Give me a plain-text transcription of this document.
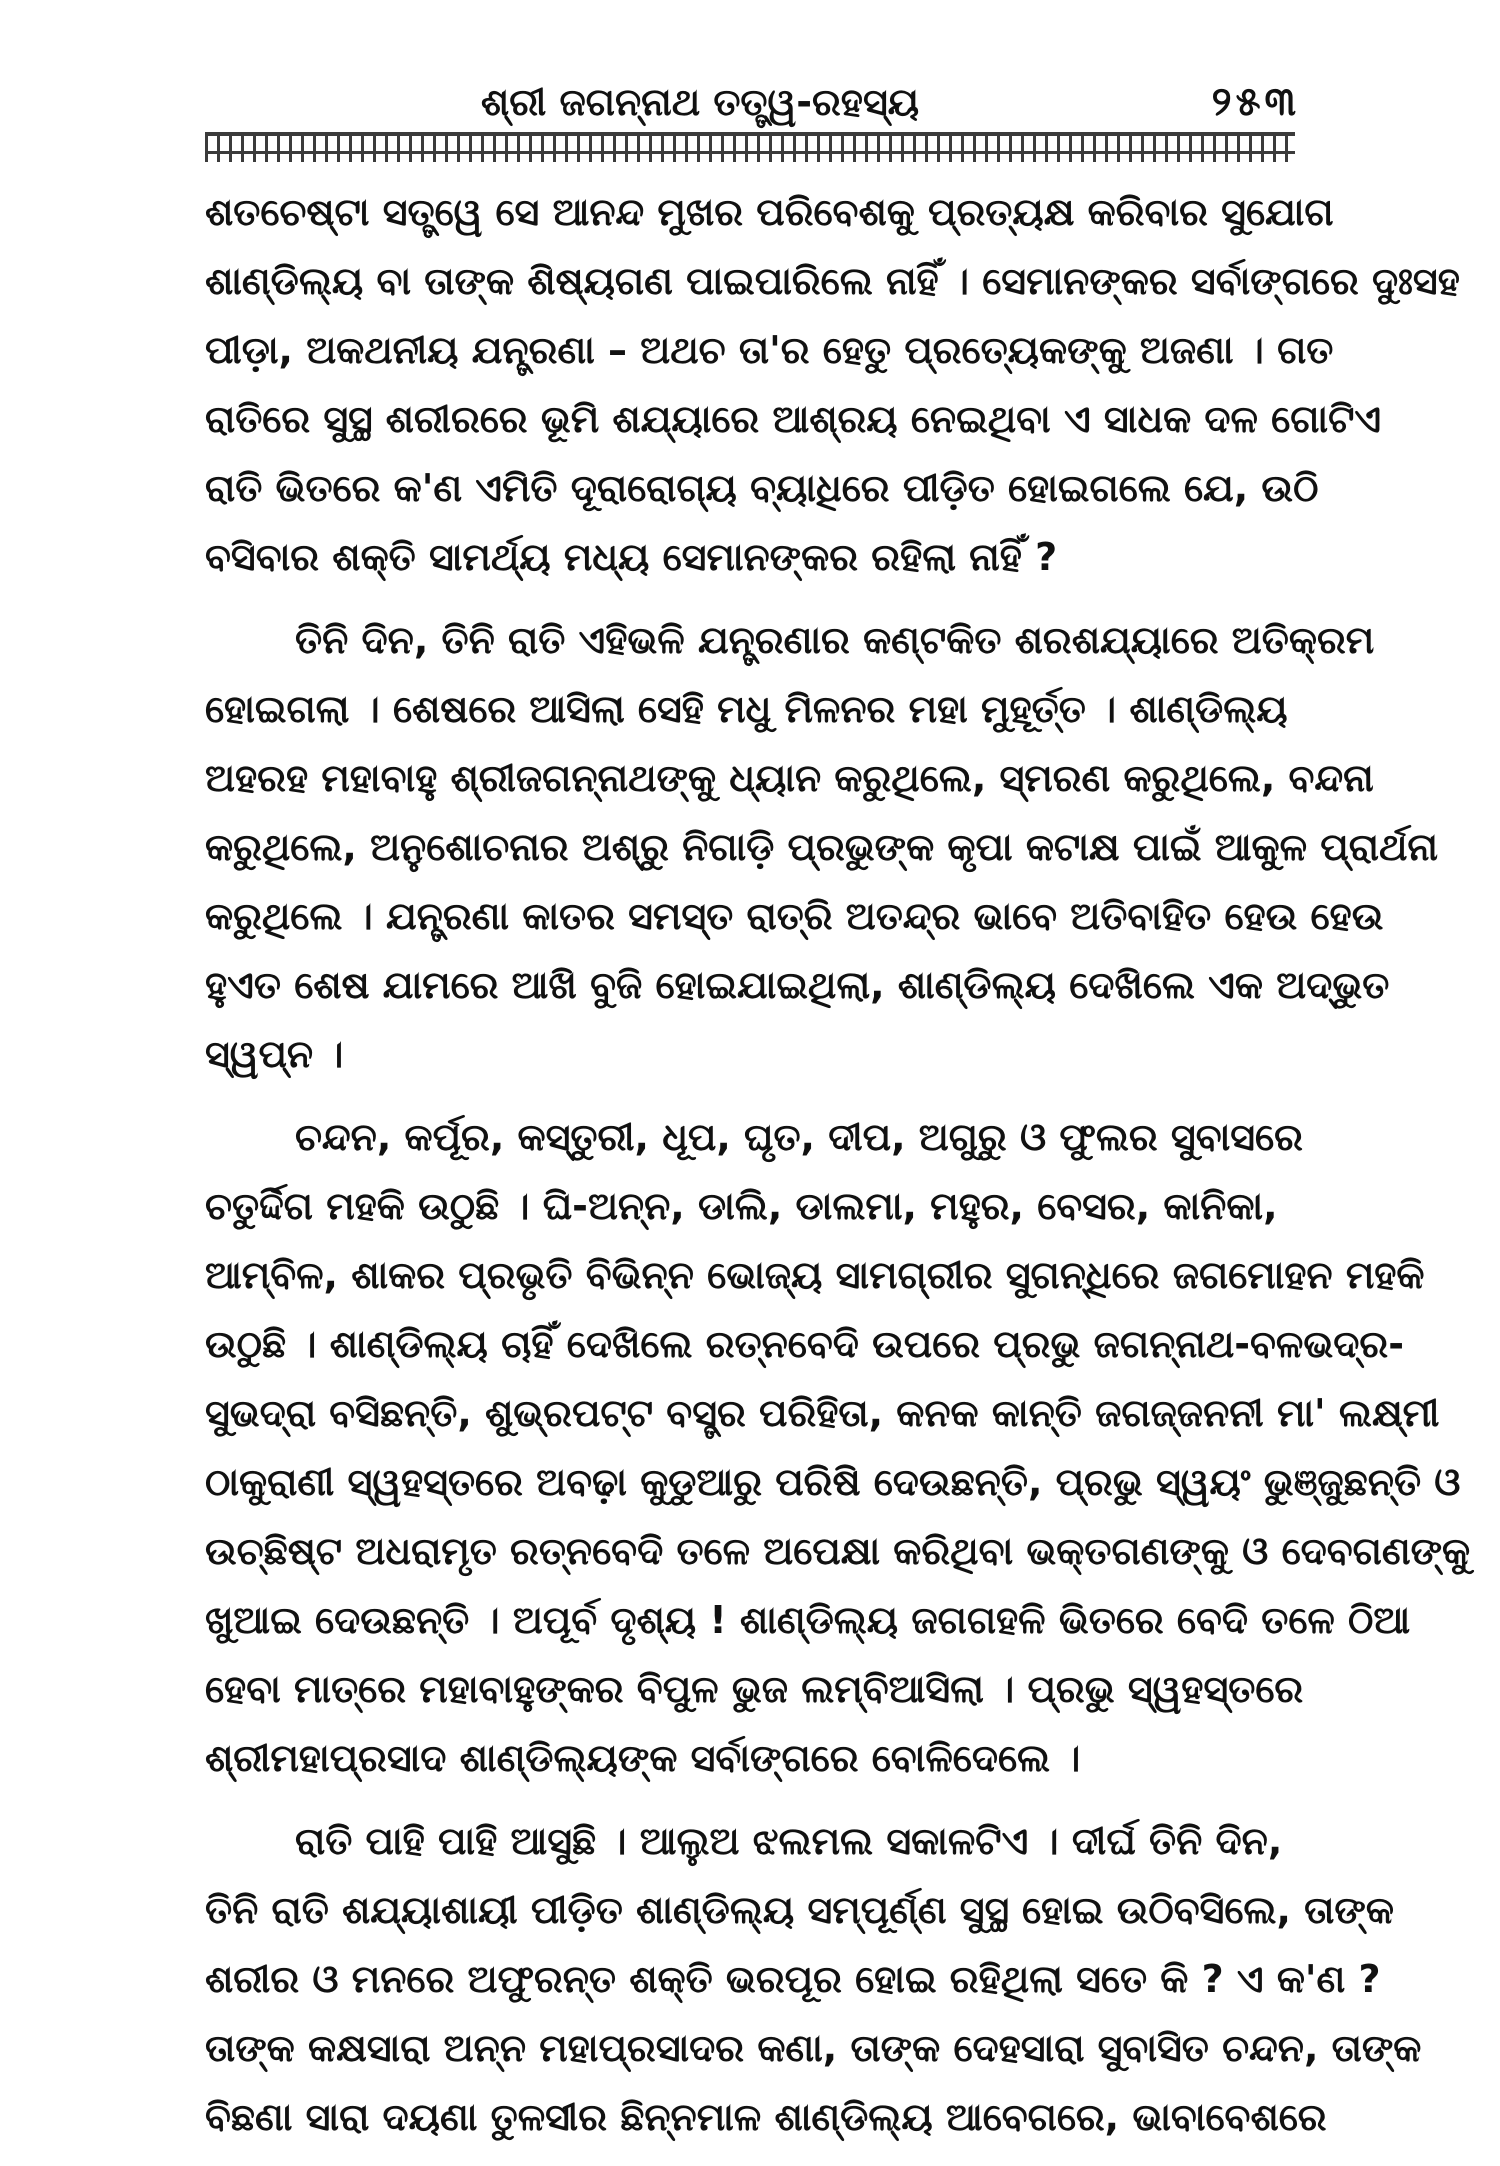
ଶ୍ରୀ ଜଗନ୍ନାଥ ତତ୍ତ୍ୱ-ରହସ୍ୟ	୨୫୩

ଶତଚେଷ୍ଟା ସତ୍ତ୍ୱେ ସେ ଆନନ୍ଦ ମୁଖର ପରିବେଶକୁ ପ୍ରତ୍ୟକ୍ଷ କରିବାର ସୁଯୋଗ
ଶାଣ୍ଡିଲ୍ୟ ବା ତାଙ୍କ ଶିଷ୍ୟଗଣ ପାଇପାରିଲେ ନାହିଁ । ସେମାନଙ୍କର ସର୍ବାଙ୍ଗରେ ଦୁଃସହ
ପୀଡ଼ା, ଅକଥନୀୟ ଯନ୍ତ୍ରଣା – ଅଥଚ ତା'ର ହେତୁ ପ୍ରତ୍ୟେକଙ୍କୁ ଅଜଣା । ଗତ
ରାତିରେ ସୁସ୍ଥ ଶରୀରରେ ଭୂମି ଶଯ୍ୟାରେ ଆଶ୍ରୟ ନେଇଥିବା ଏ ସାଧକ ଦଳ ଗୋଟିଏ
ରାତି ଭିତରେ କ'ଣ ଏମିତି ଦୂରାରୋଗ୍ୟ ବ୍ୟାଧିରେ ପୀଡ଼ିତ ହୋଇଗଲେ ଯେ, ଉଠି
ବସିବାର ଶକ୍ତି ସାମର୍ଥ୍ୟ ମଧ୍ୟ ସେମାନଙ୍କର ରହିଲା ନାହିଁ ?

ତିନି ଦିନ, ତିନି ରାତି ଏହିଭଳି ଯନ୍ତ୍ରଣାର କଣ୍ଟକିତ ଶରଶଯ୍ୟାରେ ଅତିକ୍ରମ
ହୋଇଗଲା । ଶେଷରେ ଆସିଲା ସେହି ମଧୁ ମିଳନର ମହା ମୁହୂର୍ତ୍ତ । ଶାଣ୍ଡିଲ୍ୟ
ଅହରହ ମହାବାହୁ ଶ୍ରୀଜଗନ୍ନାଥଙ୍କୁ ଧ୍ୟାନ କରୁଥିଲେ, ସ୍ମରଣ କରୁଥିଲେ, ବନ୍ଦନା
କରୁଥିଲେ, ଅନୁଶୋଚନାର ଅଶ୍ରୁ ନିଗାଡ଼ି ପ୍ରଭୁଙ୍କ କୃପା କଟାକ୍ଷ ପାଇଁ ଆକୁଳ ପ୍ରାର୍ଥନା
କରୁଥିଲେ । ଯନ୍ତ୍ରଣା କାତର ସମସ୍ତ ରାତ୍ରି ଅତନ୍ଦ୍ର ଭାବେ ଅତିବାହିତ ହେଉ ହେଉ
ହୁଏତ ଶେଷ ଯାମରେ ଆଖି ବୁଜି ହୋଇଯାଇଥିଲା, ଶାଣ୍ଡିଲ୍ୟ ଦେଖିଲେ ଏକ ଅଦ୍ଭୁତ
ସ୍ୱପ୍ନ ।

ଚନ୍ଦନ, କର୍ପୂର, କସ୍ତୁରୀ, ଧୂପ, ଘୃତ, ଦୀପ, ଅଗୁରୁ ଓ ଫୁଲର ସୁବାସରେ
ଚତୁର୍ଦ୍ଦିଗ ମହକି ଉଠୁଛି । ଘି-ଅନ୍ନ, ଡାଲି, ଡାଲମା, ମହୁର, ବେସର, କାନିକା,
ଆମ୍ବିଳ, ଶାକର ପ୍ରଭୃତି ବିଭିନ୍ନ ଭୋଜ୍ୟ ସାମଗ୍ରୀର ସୁଗନ୍ଧିରେ ଜଗମୋହନ ମହକି
ଉଠୁଛି । ଶାଣ୍ଡିଲ୍ୟ ଚାହିଁ ଦେଖିଲେ ରତ୍ନବେଦି ଉପରେ ପ୍ରଭୁ ଜଗନ୍ନାଥ-ବଳଭଦ୍ର-
ସୁଭଦ୍ରା ବସିଛନ୍ତି, ଶୁଭ୍ରପଟ୍ଟ ବସ୍ତ୍ର ପରିହିତା, କନକ କାନ୍ତି ଜଗଜ୍ଜନନୀ ମା' ଲକ୍ଷ୍ମୀ
ଠାକୁରାଣୀ ସ୍ୱହସ୍ତରେ ଅବଢ଼ା କୁଡୁଆରୁ ପରିଷି ଦେଉଛନ୍ତି, ପ୍ରଭୁ ସ୍ୱୟଂ ଭୁଞ୍ଜୁଛନ୍ତି ଓ
ଉଚ୍ଛିଷ୍ଟ ଅଧରାମୃତ ରତ୍ନବେଦି ତଳେ ଅପେକ୍ଷା କରିଥିବା ଭକ୍ତଗଣଙ୍କୁ ଓ ଦେବଗଣଙ୍କୁ
ଖୁଆଇ ଦେଉଛନ୍ତି । ଅପୂର୍ବ ଦୃଶ୍ୟ ! ଶାଣ୍ଡିଲ୍ୟ ଜଗଗହଳି ଭିତରେ ବେଦି ତଳେ ଠିଆ
ହେବା ମାତ୍ରେ ମହାବାହୁଙ୍କର ବିପୁଳ ଭୁଜ ଲମ୍ବିଆସିଲା । ପ୍ରଭୁ ସ୍ୱହସ୍ତରେ
ଶ୍ରୀମହାପ୍ରସାଦ ଶାଣ୍ଡିଲ୍ୟଙ୍କ ସର୍ବାଙ୍ଗରେ ବୋଳିଦେଲେ ।

ରାତି ପାହି ପାହି ଆସୁଛି । ଆଲୁଅ ଝଲମଲ ସକାଳଟିଏ । ଦୀର୍ଘ ତିନି ଦିନ,
ତିନି ରାତି ଶଯ୍ୟାଶାୟୀ ପୀଡ଼ିତ ଶାଣ୍ଡିଲ୍ୟ ସମ୍ପୂର୍ଣ୍ଣ ସୁସ୍ଥ ହୋଇ ଉଠିବସିଲେ, ତାଙ୍କ
ଶରୀର ଓ ମନରେ ଅଫୁରନ୍ତ ଶକ୍ତି ଭରପୂର ହୋଇ ରହିଥିଲା ସତେ କି ? ଏ କ'ଣ ?
ତାଙ୍କ କକ୍ଷସାରା ଅନ୍ନ ମହାପ୍ରସାଦର କଣା, ତାଙ୍କ ଦେହସାରା ସୁବାସିତ ଚନ୍ଦନ, ତାଙ୍କ
ବିଛଣା ସାରା ଦୟଣା ତୁଳସୀର ଛିନ୍ନମାଳ ଶାଣ୍ଡିଲ୍ୟ ଆବେଗରେ, ଭାବାବେଶରେ
